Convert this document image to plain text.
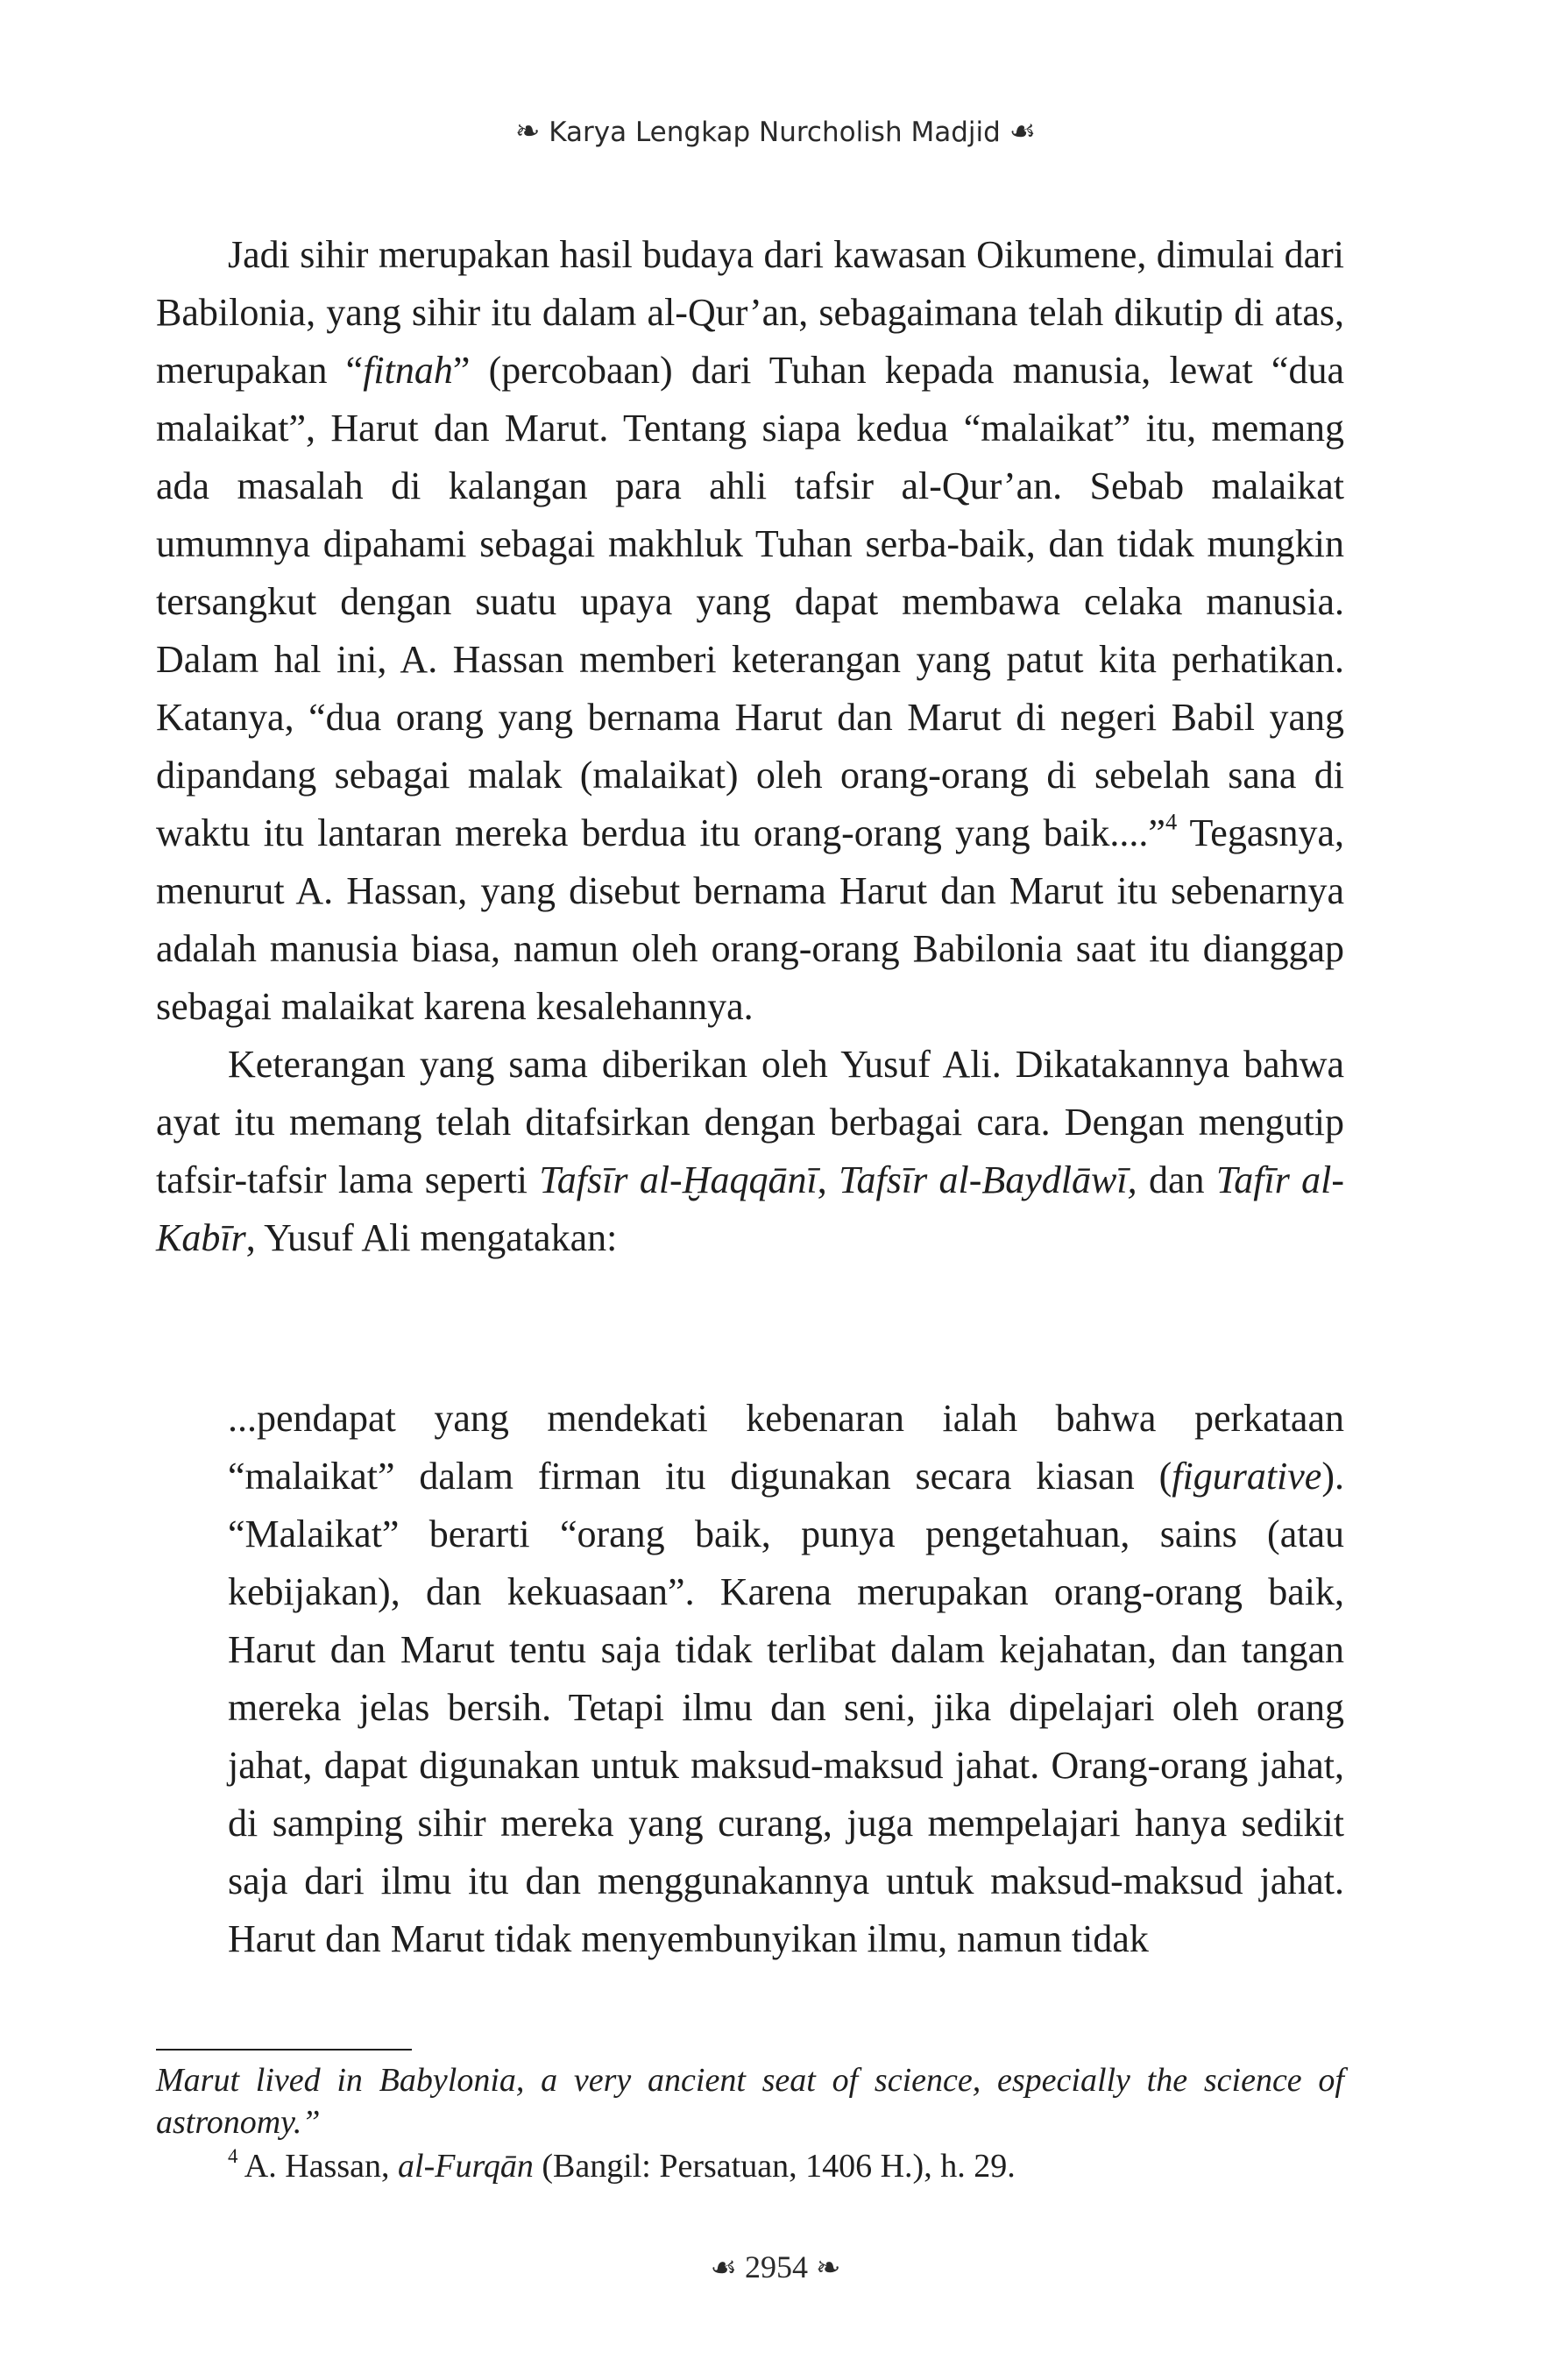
❧ Karya Lengkap Nurcholish Madjid ☙

Jadi sihir merupakan hasil budaya dari kawasan Oikumene, dimulai dari Babilonia, yang sihir itu dalam al-Qur’an, sebagaimana telah dikutip di atas, merupakan “fitnah” (percobaan) dari Tuhan kepada manusia, lewat “dua malaikat”, Harut dan Marut. Tentang siapa kedua “malaikat” itu, memang ada masalah di kalangan para ahli tafsir al-Qur’an. Sebab malaikat umumnya dipahami sebagai makhluk Tuhan serba-baik, dan tidak mungkin tersangkut dengan suatu upaya yang dapat membawa celaka manusia. Dalam hal ini, A. Hassan memberi keterangan yang patut kita perhatikan. Katanya, “dua orang yang bernama Harut dan Marut di negeri Babil yang dipandang sebagai malak (malaikat) oleh orang-orang di sebelah sana di waktu itu lantaran mereka berdua itu orang-orang yang baik....”$^4$ Tegasnya, menurut A. Hassan, yang disebut bernama Harut dan Marut itu sebenarnya adalah manusia biasa, namun oleh orang-orang Babilonia saat itu dianggap sebagai malaikat karena kesalehannya.

Keterangan yang sama diberikan oleh Yusuf Ali. Dikatakannya bahwa ayat itu memang telah ditafsirkan dengan berbagai cara. Dengan mengutip tafsir-tafsir lama seperti Tafsīr al-Ḫaqqānī, Tafsīr al-Baydlāwī, dan Tafīr al-Kabīr, Yusuf Ali mengatakan:

...pendapat yang mendekati kebenaran ialah bahwa perkataan “malaikat” dalam firman itu digunakan secara kiasan (figurative). “Malaikat” berarti “orang baik, punya pengetahuan, sains (atau kebijakan), dan kekuasaan”. Karena merupakan orang-orang baik, Harut dan Marut tentu saja tidak terlibat dalam kejahatan, dan tangan mereka jelas bersih. Tetapi ilmu dan seni, jika dipelajari oleh orang jahat, dapat digunakan untuk maksud-maksud jahat. Orang-orang jahat, di samping sihir mereka yang curang, juga mempelajari hanya sedikit saja dari ilmu itu dan menggunakannya untuk maksud-maksud jahat. Harut dan Marut tidak menyembunyikan ilmu, namun tidak
Marut lived in Babylonia, a very ancient seat of science, especially the science of astronomy.”
$^4$ A. Hassan, al-Furqān (Bangil: Persatuan, 1406 H.), h. 29.
☙ 2954 ❧
